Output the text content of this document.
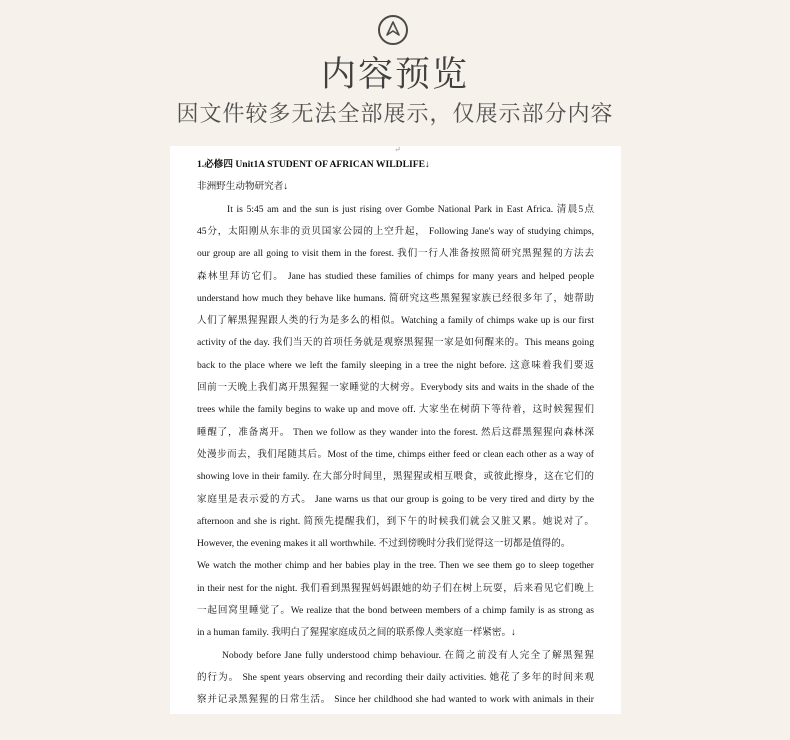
内容预览
因文件较多无法全部展示，仅展示部分内容
↵
1.必修四 Unit1A STUDENT OF AFRICAN WILDLIFE↓
非洲野生动物研究者↓
It is 5:45 am and the sun is just rising over Gombe National Park in East Africa. 清晨5点
45分，太阳刚从东非的贡贝国家公园的上空升起， Following Jane's way of studying chimps,
our group are all going to visit them in the forest. 我们一行人准备按照简研究黑猩猩的方法去
森林里拜访它们。 Jane has studied these families of chimps for many years and helped people
understand how much they behave like humans. 简研究这些黑猩猩家族已经很多年了，她帮助
人们了解黑猩猩跟人类的行为是多么的相似。Watching a family of chimps wake up is our first
activity of the day. 我们当天的首项任务就是观察黑猩猩一家是如何醒来的。This means going
back to the place where we left the family sleeping in a tree the night before. 这意味着我们要返
回前一天晚上我们离开黑猩猩一家睡觉的大树旁。Everybody sits and waits in the shade of the
trees while the family begins to wake up and move off. 大家坐在树荫下等待着，这时候猩猩们
睡醒了，准备离开。 Then we follow as they wander into the forest. 然后这群黑猩猩向森林深
处漫步而去，我们尾随其后。Most of the time, chimps either feed or clean each other as a way of
showing love in their family. 在大部分时间里，黑猩猩或相互喂食，或彼此擦身，这在它们的
家庭里是表示爱的方式。 Jane warns us that our group is going to be very tired and dirty by the
afternoon and she is right. 简预先提醒我们，到下午的时候我们就会又脏又累。她说对了。
However, the evening makes it all worthwhile. 不过到傍晚时分我们觉得这一切都是值得的。
We watch the mother chimp and her babies play in the tree. Then we see them go to sleep together
in their nest for the night. 我们看到黑猩猩妈妈跟她的幼子们在树上玩耍，后来看见它们晚上
一起回窝里睡觉了。We realize that the bond between members of a chimp family is as strong as
in a human family. 我明白了猩猩家庭成员之间的联系像人类家庭一样紧密。↓
Nobody before Jane fully understood chimp behaviour. 在简之前没有人完全了解黑猩猩
的行为。 She spent years observing and recording their daily activities. 她花了多年的时间来观
察并记录黑猩猩的日常生活。 Since her childhood she had wanted to work with animals in their
